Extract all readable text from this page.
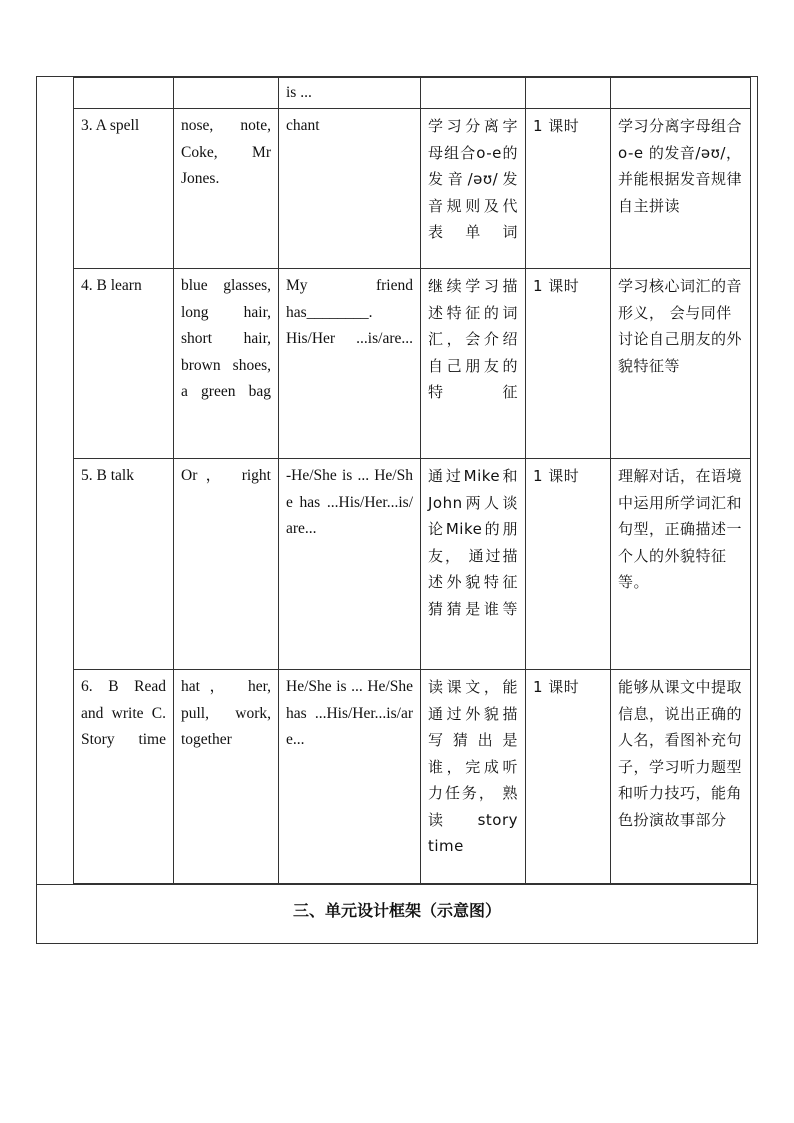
		is ...			
3. A spell	nose, note, Coke, Mr Jones.	chant	学习分离字母组合o-e的发音/əʊ/发音规则及代表单词	1 课时	学习分离字母组合 o-e 的发音/əʊ/，并能根据发音规律自主拼读
4. B learn	blue glasses, long hair, short hair, brown shoes, a green bag	My friend has________. His/Her ...is/are...	继续学习描述特征的词汇，会介绍自己朋友的特征	1 课时	学习核心词汇的音形义， 会与同伴讨论自己朋友的外貌特征等
5. B talk	Or， right	-He/She is ... He/She has ...His/Her...is/are...	通过Mike和John两人谈论Mike的朋友， 通过描述外貌特征猜猜是谁等	1 课时	理解对话，在语境中运用所学词汇和句型，正确描述一个人的外貌特征等。
6. B Read and write C. Story time	hat， her, pull, work, together	He/She is ... He/She has ...His/Her...is/are...	读课文，能通过外貌描写猜出是谁，完成听力任务， 熟读 story time	1 课时	能够从课文中提取信息，说出正确的人名，看图补充句子，学习听力题型和听力技巧，能角色扮演故事部分
三、单元设计框架（示意图）
